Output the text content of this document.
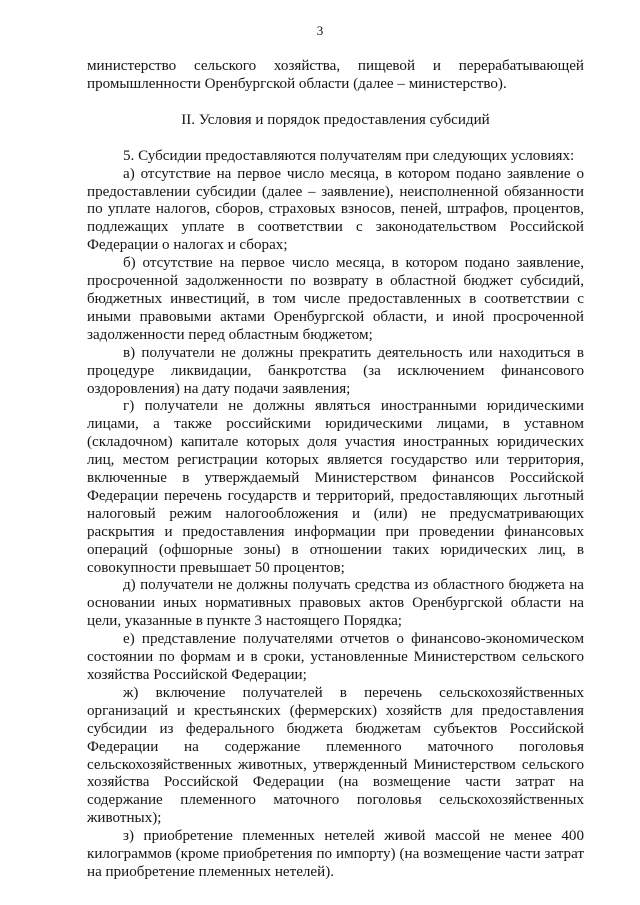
3

министерство сельского хозяйства, пищевой и перерабатывающей промышленности Оренбургской области (далее – министерство).

II. Условия и порядок предоставления субсидий

5. Субсидии предоставляются получателям при следующих условиях:

а) отсутствие на первое число месяца, в котором подано заявление о предоставлении субсидии (далее – заявление), неисполненной обязанности по уплате налогов, сборов, страховых взносов, пеней, штрафов, процентов, подлежащих уплате в соответствии с законодательством Российской Федерации о налогах и сборах;

б) отсутствие на первое число месяца, в котором подано заявление, просроченной задолженности по возврату в областной бюджет субсидий, бюджетных инвестиций, в том числе предоставленных в соответствии с иными правовыми актами Оренбургской области, и иной просроченной задолженности перед областным бюджетом;

в) получатели не должны прекратить деятельность или находиться в процедуре ликвидации, банкротства (за исключением финансового оздоровления) на дату подачи заявления;

г) получатели не должны являться иностранными юридическими лицами, а также российскими юридическими лицами, в уставном (складочном) капитале которых доля участия иностранных юридических лиц, местом регистрации которых является государство или территория, включенные в утверждаемый Министерством финансов Российской Федерации перечень государств и территорий, предоставляющих льготный налоговый режим налогообложения и (или) не предусматривающих раскрытия и предоставления информации при проведении финансовых операций (офшорные зоны) в отношении таких юридических лиц, в совокупности превышает 50 процентов;

д) получатели не должны получать средства из областного бюджета на основании иных нормативных правовых актов Оренбургской области на цели, указанные в пункте 3 настоящего Порядка;

е) представление получателями отчетов о финансово-экономическом состоянии по формам и в сроки, установленные Министерством сельского хозяйства Российской Федерации;

ж) включение получателей в перечень сельскохозяйственных организаций и крестьянских (фермерских) хозяйств для предоставления субсидии из федерального бюджета бюджетам субъектов Российской Федерации на содержание племенного маточного поголовья сельскохозяйственных животных, утвержденный Министерством сельского хозяйства Российской Федерации (на возмещение части затрат на содержание племенного маточного поголовья сельскохозяйственных животных);

з) приобретение племенных нетелей живой массой не менее 400 килограммов (кроме приобретения по импорту) (на возмещение части затрат на приобретение племенных нетелей).
